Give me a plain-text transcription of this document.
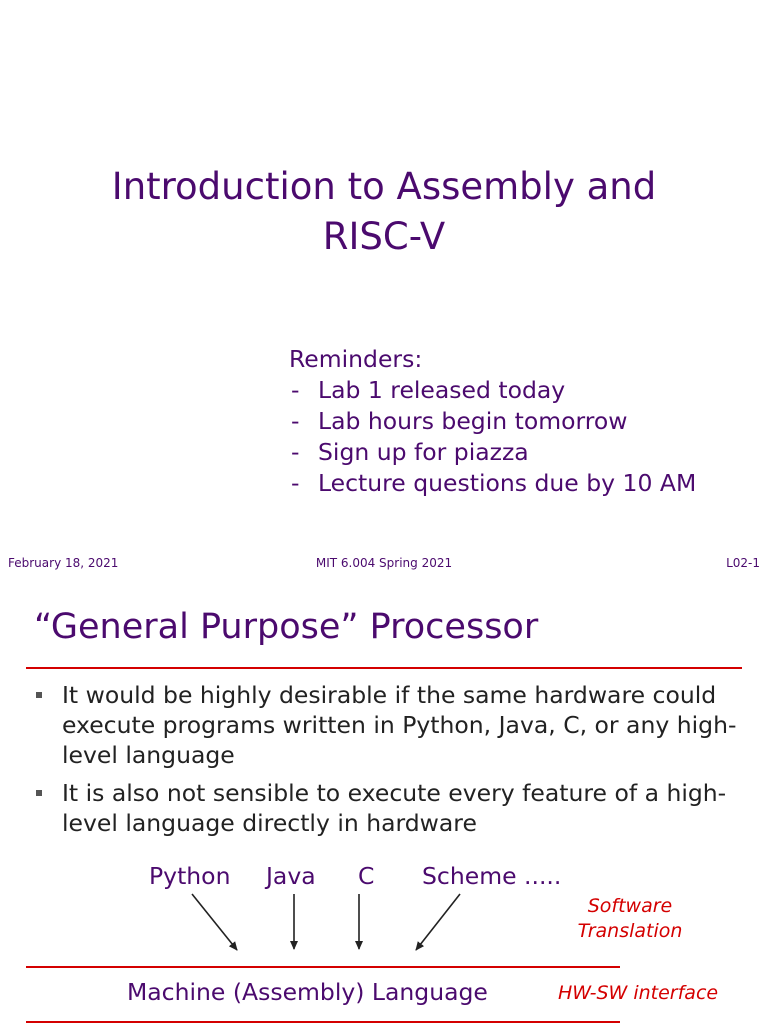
Introduction to Assembly and
RISC-V
Reminders:
- Lab 1 released today
- Lab hours begin tomorrow
- Sign up for piazza
- Lecture questions due by 10 AM
February 18, 2021	MIT 6.004 Spring 2021	L02-1
“General Purpose” Processor
It would be highly desirable if the same hardware could execute programs written in Python, Java, C, or any high-level language
It is also not sensible to execute every feature of a high-level language directly in hardware
Python Java C Scheme .....
Software
Translation
Machine (Assembly) Language	HW-SW interface
